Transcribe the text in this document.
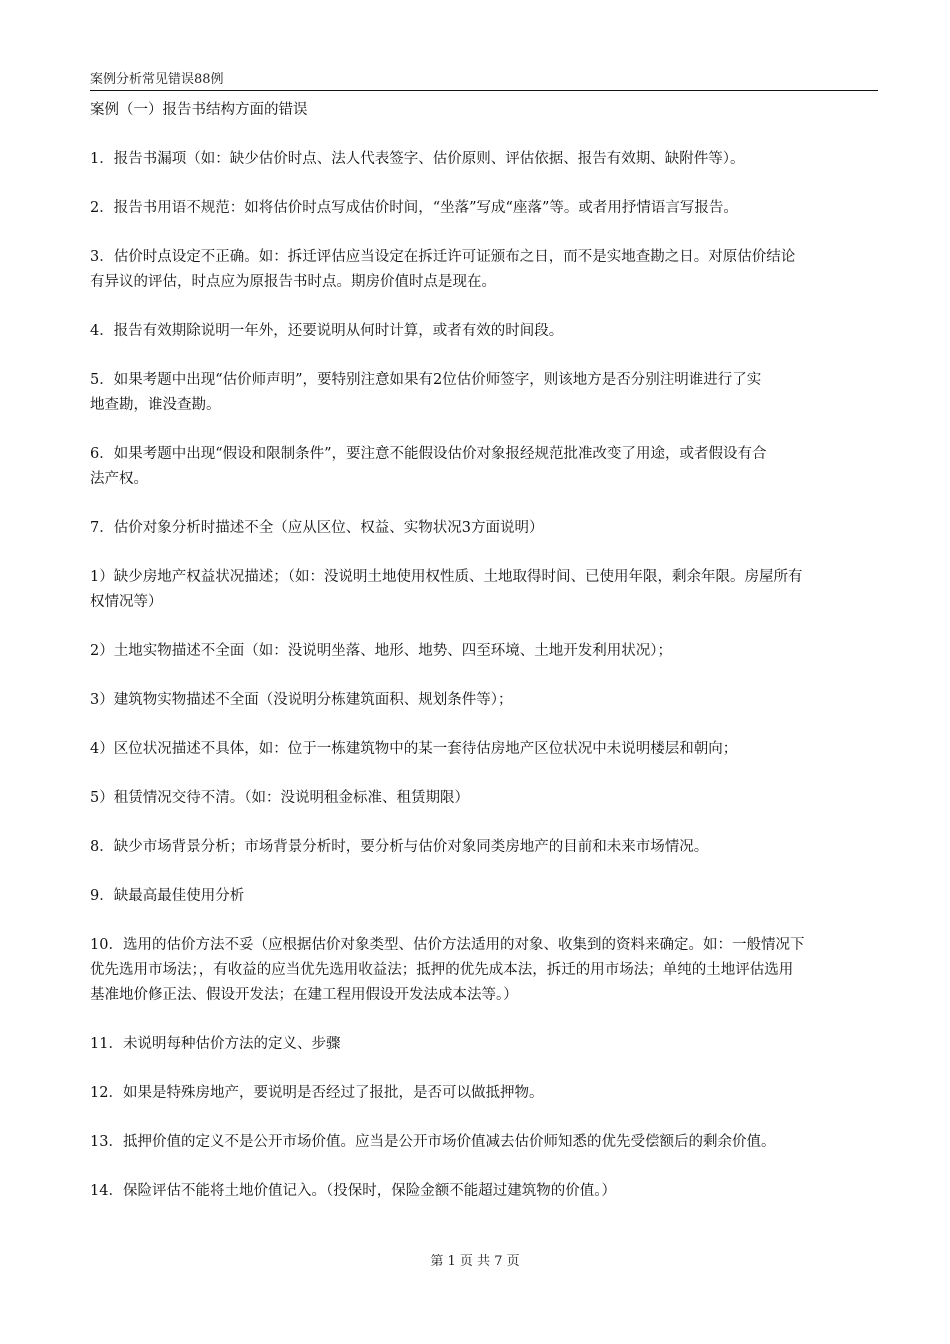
案例分析常见错误88例

案例（一）报告书结构方面的错误

1．报告书漏项（如：缺少估价时点、法人代表签字、估价原则、评估依据、报告有效期、缺附件等）。

2．报告书用语不规范：如将估价时点写成估价时间，“坐落”写成“座落”等。或者用抒情语言写报告。

3．估价时点设定不正确。如：拆迁评估应当设定在拆迁许可证颁布之日，而不是实地查勘之日。对原估价结论

有异议的评估，时点应为原报告书时点。期房价值时点是现在。

4．报告有效期除说明一年外，还要说明从何时计算，或者有效的时间段。

5．如果考题中出现“估价师声明”，要特别注意如果有2位估价师签字，则该地方是否分别注明谁进行了实

地查勘，谁没查勘。

6．如果考题中出现“假设和限制条件”，要注意不能假设估价对象报经规范批准改变了用途，或者假设有合

法产权。

7．估价对象分析时描述不全（应从区位、权益、实物状况3方面说明）

1）缺少房地产权益状况描述；（如：没说明土地使用权性质、土地取得时间、已使用年限，剩余年限。房屋所有

权情况等）

2）土地实物描述不全面（如：没说明坐落、地形、地势、四至环境、土地开发利用状况）；

3）建筑物实物描述不全面（没说明分栋建筑面积、规划条件等）；

4）区位状况描述不具体，如：位于一栋建筑物中的某一套待估房地产区位状况中未说明楼层和朝向；

5）租赁情况交待不清。（如：没说明租金标准、租赁期限）

8．缺少市场背景分析；市场背景分析时，要分析与估价对象同类房地产的目前和未来市场情况。

9．缺最高最佳使用分析

10．选用的估价方法不妥（应根据估价对象类型、估价方法适用的对象、收集到的资料来确定。如：一般情况下

优先选用市场法；，有收益的应当优先选用收益法；抵押的优先成本法，拆迁的用市场法；单纯的土地评估选用

基准地价修正法、假设开发法；在建工程用假设开发法成本法等。）

11．未说明每种估价方法的定义、步骤

12．如果是特殊房地产，要说明是否经过了报批，是否可以做抵押物。

13．抵押价值的定义不是公开市场价值。应当是公开市场价值减去估价师知悉的优先受偿额后的剩余价值。

14．保险评估不能将土地价值记入。（投保时，保险金额不能超过建筑物的价值。）

第 1 页 共 7 页
